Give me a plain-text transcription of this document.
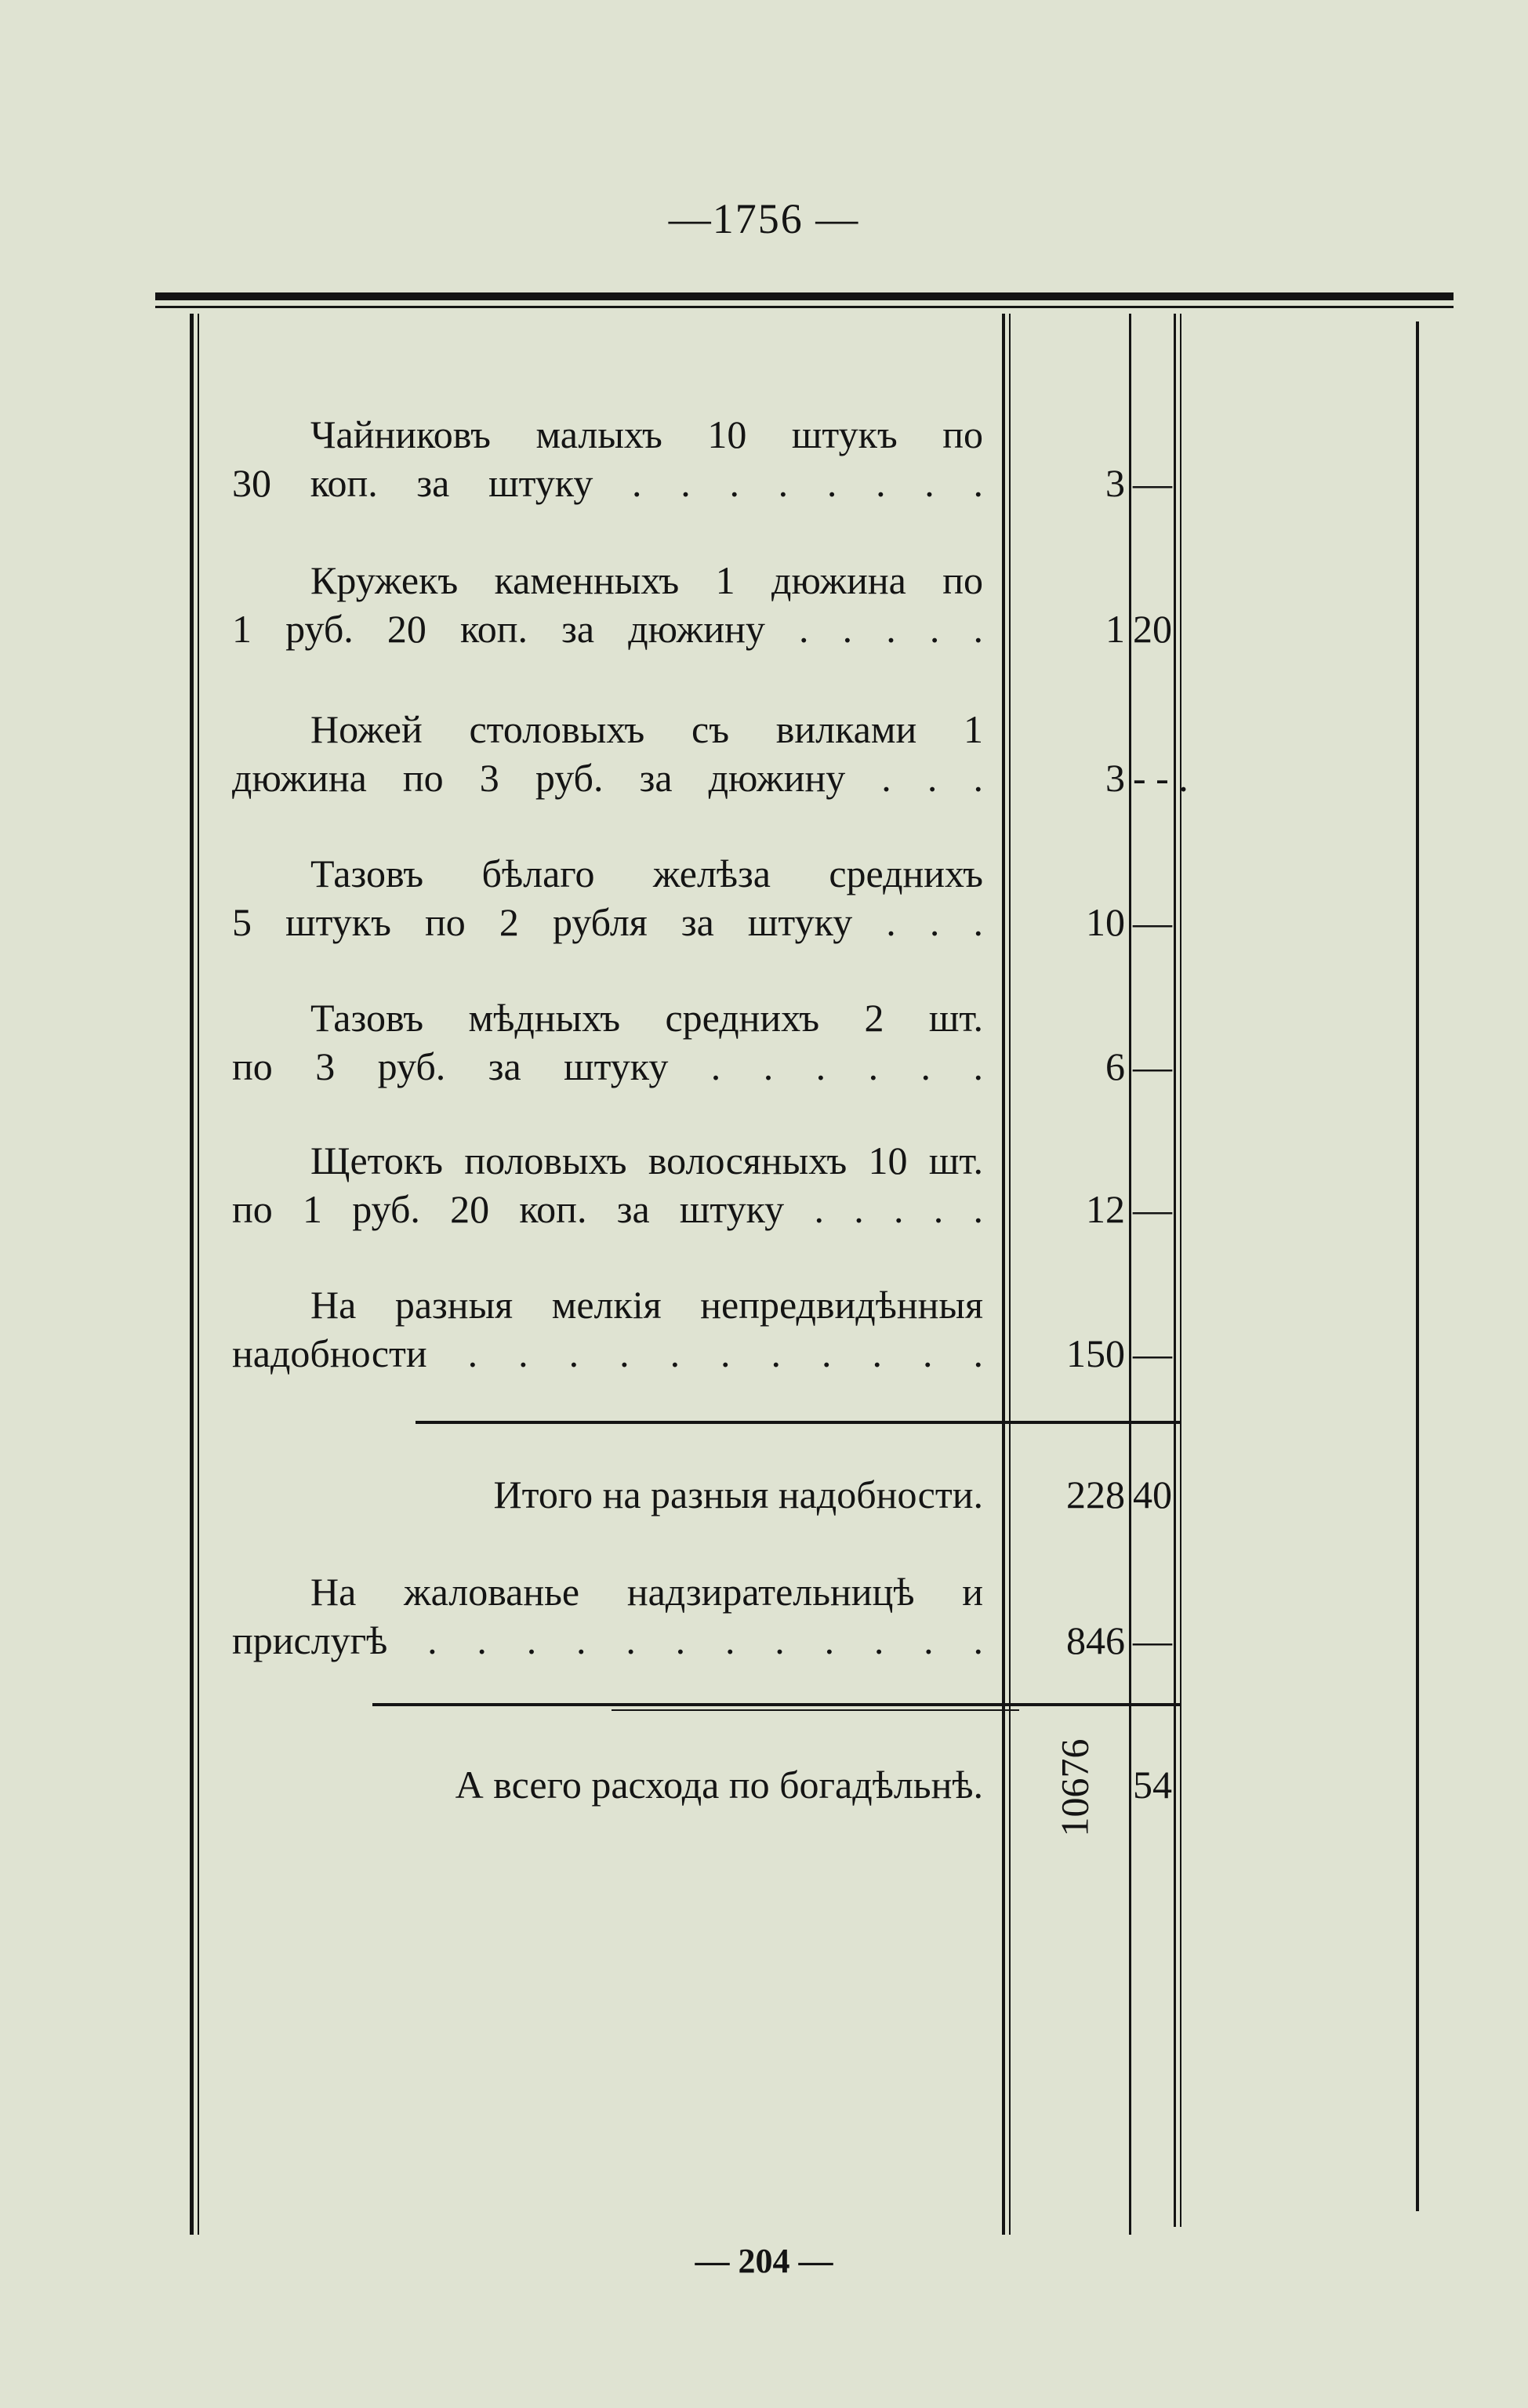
—1756 —
Чайниковъ малыхъ 10 штукъ по
30 коп. за штуку . . . . . . . .	3 —
Кружекъ каменныхъ 1 дюжина по
1 руб. 20 коп. за дюжину . . . . .	1 20
Ножей столовыхъ съ вилками 1
дюжина по 3 руб. за дюжину . . .	3 - - .
Тазовъ бѣлаго желѣза среднихъ
5 штукъ по 2 рубля за штуку . . .	10 —
Тазовъ мѣдныхъ среднихъ 2 шт.
по 3 руб. за штуку . . . . . .	6 —
Щетокъ половыхъ волосяныхъ 10 шт.
по 1 руб. 20 коп. за штуку . . . . .	12 —
На разныя мелкія непредвидѣнныя
надобности . . . . . . . . . . .	150 —
Итого на разныя надобности.	228 40
На жалованье надзирательницѣ и
прислугѣ . . . . . . . . . . . .	846 —
А всего расхода по богадѣльнѣ. 10676 54
— 204 —
